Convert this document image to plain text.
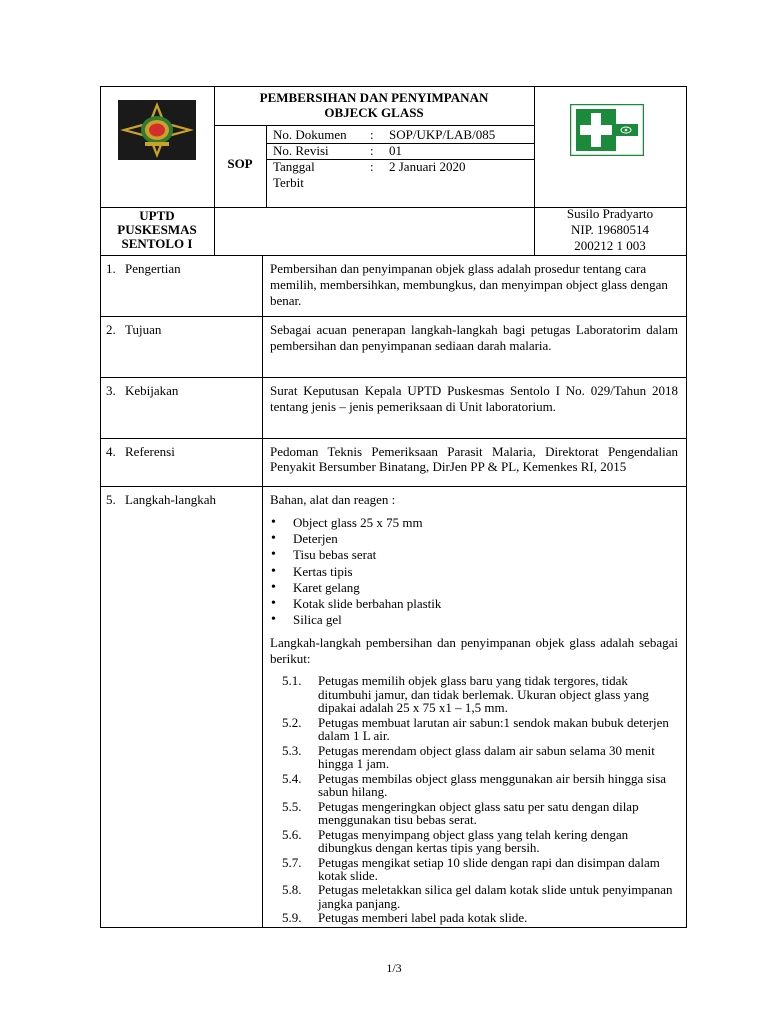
PEMBERSIHAN DAN PENYIMPANAN
OBJECK GLASS
SOP
No. Dokumen : SOP/UKP/LAB/085
No. Revisi	: 01
Tanggal
Terbit
: 2 Januari 2020
UPTD
PUSKESMAS
SENTOLO I
Susilo Pradyarto
NIP. 19680514
200212 1 003
1. Pengertian	Pembersihan dan penyimpanan objek glass adalah prosedur tentang cara memilih, membersihkan, membungkus, dan menyimpan object glass dengan benar.
2. Tujuan	Sebagai acuan penerapan langkah-langkah bagi petugas Laboratorim dalam pembersihan dan penyimpanan sediaan darah malaria.
3. Kebijakan	Surat Keputusan Kepala UPTD Puskesmas Sentolo I No. 029/Tahun 2018 tentang jenis – jenis pemeriksaan di Unit laboratorium.
4. Referensi	Pedoman Teknis Pemeriksaan Parasit Malaria, Direktorat Pengendalian Penyakit Bersumber Binatang, DirJen PP & PL, Kemenkes RI, 2015
5. Langkah-langkah	Bahan, alat dan reagen :
• Object glass 25 x 75 mm
• Deterjen
• Tisu bebas serat
• Kertas tipis
• Karet gelang
• Kotak slide berbahan plastik
• Silica gel
Langkah-langkah pembersihan dan penyimpanan objek glass adalah sebagai berikut:
5.1. Petugas memilih objek glass baru yang tidak tergores, tidak ditumbuhi jamur, dan tidak berlemak. Ukuran object glass yang dipakai adalah 25 x 75 x1 – 1,5 mm.
5.2. Petugas membuat larutan air sabun:1 sendok makan bubuk deterjen dalam 1 L air.
5.3. Petugas merendam object glass dalam air sabun selama 30 menit hingga 1 jam.
5.4. Petugas membilas object glass menggunakan air bersih hingga sisa sabun hilang.
5.5. Petugas mengeringkan object glass satu per satu dengan dilap menggunakan tisu bebas serat.
5.6. Petugas menyimpang object glass yang telah kering dengan dibungkus dengan kertas tipis yang bersih.
5.7. Petugas mengikat setiap 10 slide dengan rapi dan disimpan dalam kotak slide.
5.8. Petugas meletakkan silica gel dalam kotak slide untuk penyimpanan jangka panjang.
5.9. Petugas memberi label pada kotak slide.
1/3
